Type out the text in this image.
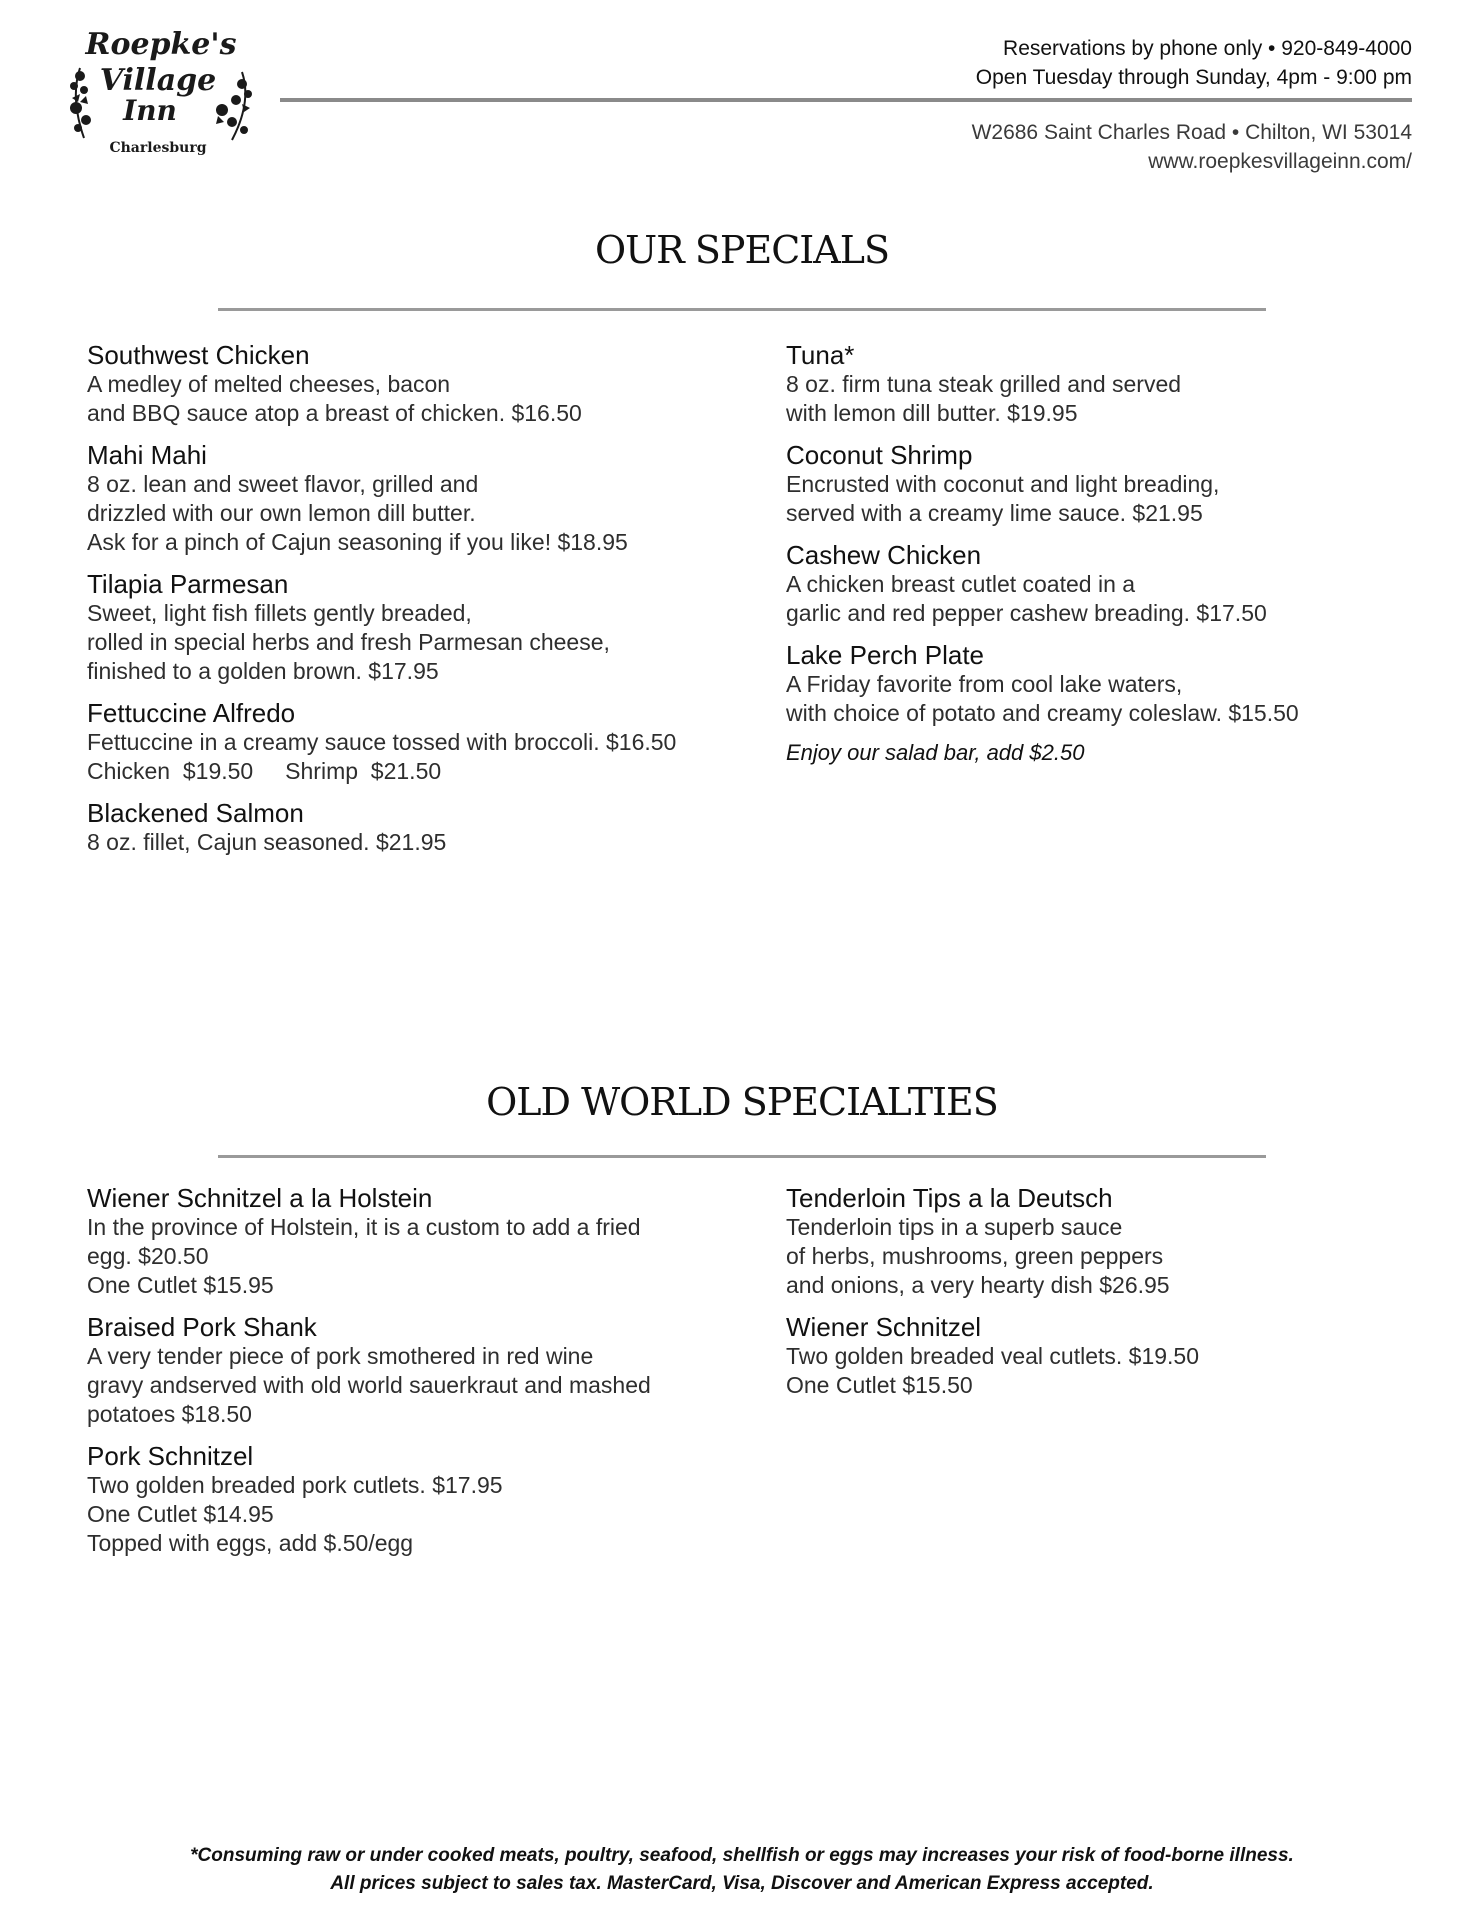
Roepke's
Village
Inn
Charlesburg
Reservations by phone only • 920-849-4000
Open Tuesday through Sunday, 4pm - 9:00 pm
W2686 Saint Charles Road • Chilton, WI 53014
www.roepkesvillageinn.com/
OUR SPECIALS
Southwest Chicken
A medley of melted cheeses, bacon
and BBQ sauce atop a breast of chicken. $16.50
Mahi Mahi
8 oz. lean and sweet flavor, grilled and
drizzled with our own lemon dill butter.
Ask for a pinch of Cajun seasoning if you like! $18.95
Tilapia Parmesan
Sweet, light fish fillets gently breaded,
rolled in special herbs and fresh Parmesan cheese,
finished to a golden brown. $17.95
Fettuccine Alfredo
Fettuccine in a creamy sauce tossed with broccoli. $16.50
Chicken  $19.50     Shrimp  $21.50
Blackened Salmon
8 oz. fillet, Cajun seasoned. $21.95
Tuna*
8 oz. firm tuna steak grilled and served
with lemon dill butter. $19.95
Coconut Shrimp
Encrusted with coconut and light breading,
served with a creamy lime sauce. $21.95
Cashew Chicken
A chicken breast cutlet coated in a
garlic and red pepper cashew breading. $17.50
Lake Perch Plate
A Friday favorite from cool lake waters,
with choice of potato and creamy coleslaw. $15.50
Enjoy our salad bar, add $2.50
OLD WORLD SPECIALTIES
Wiener Schnitzel a la Holstein
In the province of Holstein, it is a custom to add a fried
egg. $20.50
One Cutlet $15.95
Braised Pork Shank
A very tender piece of pork smothered in red wine
gravy andserved with old world sauerkraut and mashed
potatoes $18.50
Pork Schnitzel
Two golden breaded pork cutlets. $17.95
One Cutlet $14.95
Topped with eggs, add $.50/egg
Tenderloin Tips a la Deutsch
Tenderloin tips in a superb sauce
of herbs, mushrooms, green peppers
and onions, a very hearty dish $26.95
Wiener Schnitzel
Two golden breaded veal cutlets. $19.50
One Cutlet $15.50
*Consuming raw or under cooked meats, poultry, seafood, shellfish or eggs may increases your risk of food-borne illness.
All prices subject to sales tax. MasterCard, Visa, Discover and American Express accepted.
